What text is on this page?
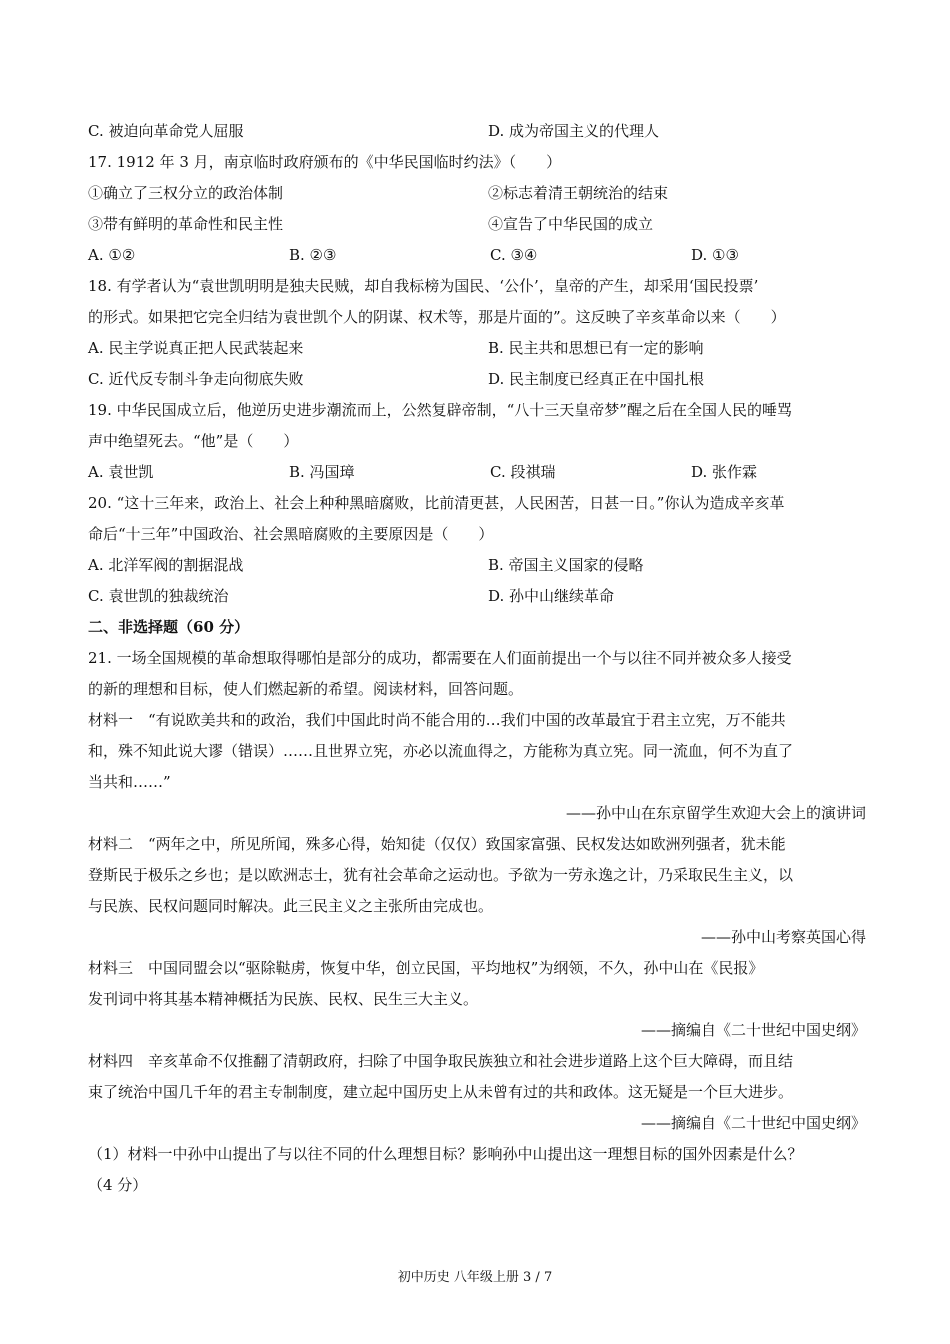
C. 被迫向革命党人屈服	D. 成为帝国主义的代理人
17. 1912 年 3 月，南京临时政府颁布的《中华民国临时约法》（　　）
①确立了三权分立的政治体制	②标志着清王朝统治的结束
③带有鲜明的革命性和民主性	④宣告了中华民国的成立
A. ①②	B. ②③	C. ③④	D. ①③
18. 有学者认为“袁世凯明明是独夫民贼，却自我标榜为国民、‘公仆’，皇帝的产生，却采用‘国民投票’
的形式。如果把它完全归结为袁世凯个人的阴谋、权术等，那是片面的”。这反映了辛亥革命以来（　　）
A. 民主学说真正把人民武装起来	B. 民主共和思想已有一定的影响
C. 近代反专制斗争走向彻底失败	D. 民主制度已经真正在中国扎根
19. 中华民国成立后，他逆历史进步潮流而上，公然复辟帝制，“八十三天皇帝梦”醒之后在全国人民的唾骂
声中绝望死去。“他”是（　　）
A. 袁世凯	B. 冯国璋	C. 段祺瑞	D. 张作霖
20. “这十三年来，政治上、社会上种种黑暗腐败，比前清更甚，人民困苦，日甚一日。”你认为造成辛亥革
命后“十三年”中国政治、社会黑暗腐败的主要原因是（　　）
A. 北洋军阀的割据混战	B. 帝国主义国家的侵略
C. 袁世凯的独裁统治	D. 孙中山继续革命
二、非选择题（60 分）
21. 一场全国规模的革命想取得哪怕是部分的成功，都需要在人们面前提出一个与以往不同并被众多人接受
的新的理想和目标，使人们燃起新的希望。阅读材料，回答问题。
材料一　“有说欧美共和的政治，我们中国此时尚不能合用的…我们中国的改革最宜于君主立宪，万不能共
和，殊不知此说大谬（错误）……且世界立宪，亦必以流血得之，方能称为真立宪。同一流血，何不为直了
当共和……”
——孙中山在东京留学生欢迎大会上的演讲词
材料二　“两年之中，所见所闻，殊多心得，始知徒（仅仅）致国家富强、民权发达如欧洲列强者，犹未能
登斯民于极乐之乡也；是以欧洲志士，犹有社会革命之运动也。予欲为一劳永逸之计，乃采取民生主义，以
与民族、民权问题同时解决。此三民主义之主张所由完成也。
——孙中山考察英国心得
材料三　中国同盟会以“驱除鞑虏，恢复中华，创立民国，平均地权”为纲领，不久，孙中山在《民报》
发刊词中将其基本精神概括为民族、民权、民生三大主义。
——摘编自《二十世纪中国史纲》
材料四　辛亥革命不仅推翻了清朝政府，扫除了中国争取民族独立和社会进步道路上这个巨大障碍，而且结
束了统治中国几千年的君主专制制度，建立起中国历史上从未曾有过的共和政体。这无疑是一个巨大进步。
——摘编自《二十世纪中国史纲》
（1）材料一中孙中山提出了与以往不同的什么理想目标？影响孙中山提出这一理想目标的国外因素是什么？
（4 分）
初中历史 八年级上册 3 / 7
